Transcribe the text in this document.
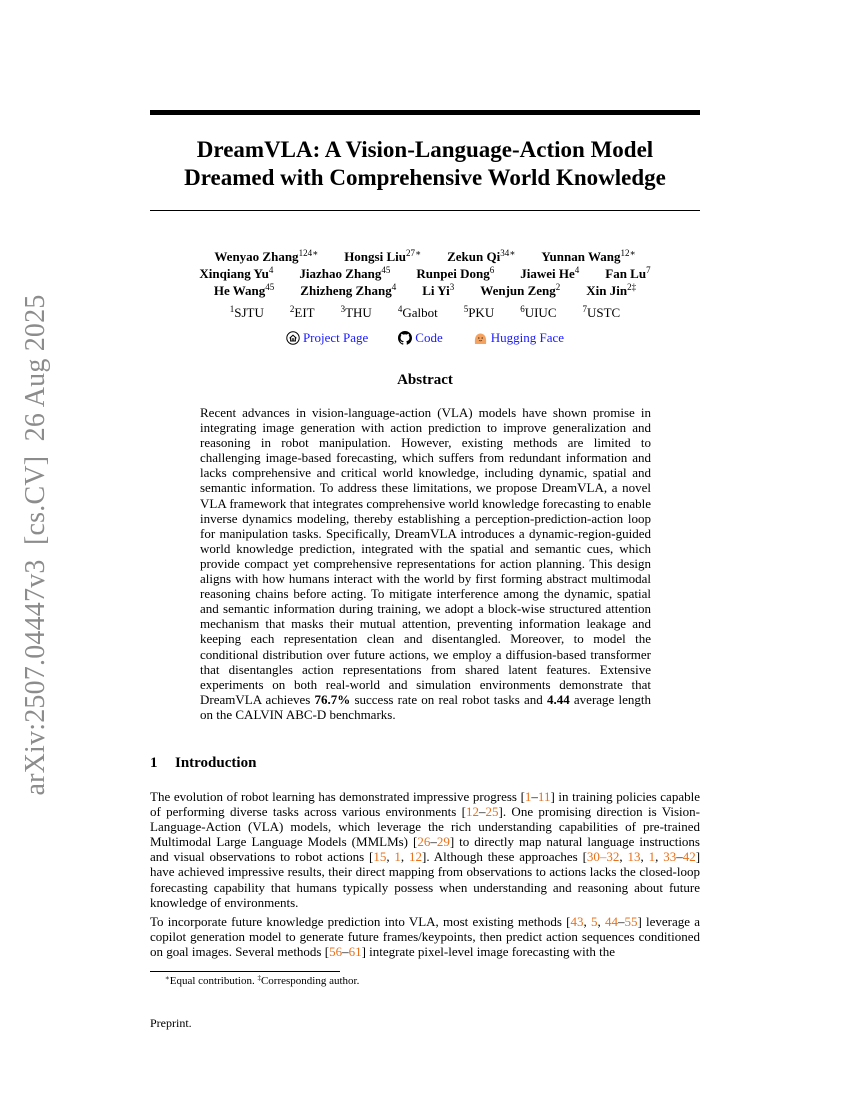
arXiv:2507.04447v3  [cs.CV]  26 Aug 2025
DreamVLA: A Vision-Language-Action Model
Dreamed with Comprehensive World Knowledge
Wenyao Zhang$^{124∗}$ Hongsi Liu$^{27∗}$ Zekun $Qi^{34∗}$ Yunnan Wang$^{12∗}$
Xinqiang Yu$^4$ Jiazhao Zhang$^{45}$ Runpei Dong$^6$ Jiawei He$^4$ Fan Lu$^7$
He Wang$^{45}$ Zhizheng Zhang$^4$ Li Yi$^3$ Wenjun Zeng$^2$ Xin Jin$^{2\ddagger}$
$^1$SJTU	$^2$EIT	$^3$THU	$^4$Galbot	$^5$PKU	$^6$UIUC	$^7$USTC
Project Page	Code	Hugging Face
Abstract
Recent advances in vision-language-action (VLA) models have shown promise in integrating image generation with action prediction to improve generalization and reasoning in robot manipulation. However, existing methods are limited to challenging image-based forecasting, which suffers from redundant information and lacks comprehensive and critical world knowledge, including dynamic, spatial and semantic information. To address these limitations, we propose DreamVLA, a novel VLA framework that integrates comprehensive world knowledge forecasting to enable inverse dynamics modeling, thereby establishing a perception-prediction-action loop for manipulation tasks. Specifically, DreamVLA introduces a dynamic-region-guided world knowledge prediction, integrated with the spatial and semantic cues, which provide compact yet comprehensive representations for action planning. This design aligns with how humans interact with the world by first forming abstract multimodal reasoning chains before acting. To mitigate interference among the dynamic, spatial and semantic information during training, we adopt a block-wise structured attention mechanism that masks their mutual attention, preventing information leakage and keeping each representation clean and disentangled. Moreover, to model the conditional distribution over future actions, we employ a diffusion-based transformer that disentangles action representations from shared latent features. Extensive experiments on both real-world and simulation environments demonstrate that DreamVLA achieves 76.7% success rate on real robot tasks and 4.44 average length on the CALVIN ABC-D benchmarks.
1 Introduction
The evolution of robot learning has demonstrated impressive progress [1–11] in training policies capable of performing diverse tasks across various environments [12–25]. One promising direction is Vision-Language-Action (VLA) models, which leverage the rich understanding capabilities of pre-trained Multimodal Large Language Models (MMLMs) [26–29] to directly map natural language instructions and visual observations to robot actions [15, 1, 12]. Although these approaches [30–32, 13, 1, 33–42] have achieved impressive results, their direct mapping from observations to actions lacks the closed-loop forecasting capability that humans typically possess when understanding and reasoning about future knowledge of environments.
To incorporate future knowledge prediction into VLA, most existing methods [43, 5, 44–55] leverage a copilot generation model to generate future frames/keypoints, then predict action sequences conditioned on goal images. Several methods [56–61] integrate pixel-level image forecasting with the
∗Equal contribution. ‡Corresponding author.
Preprint.
